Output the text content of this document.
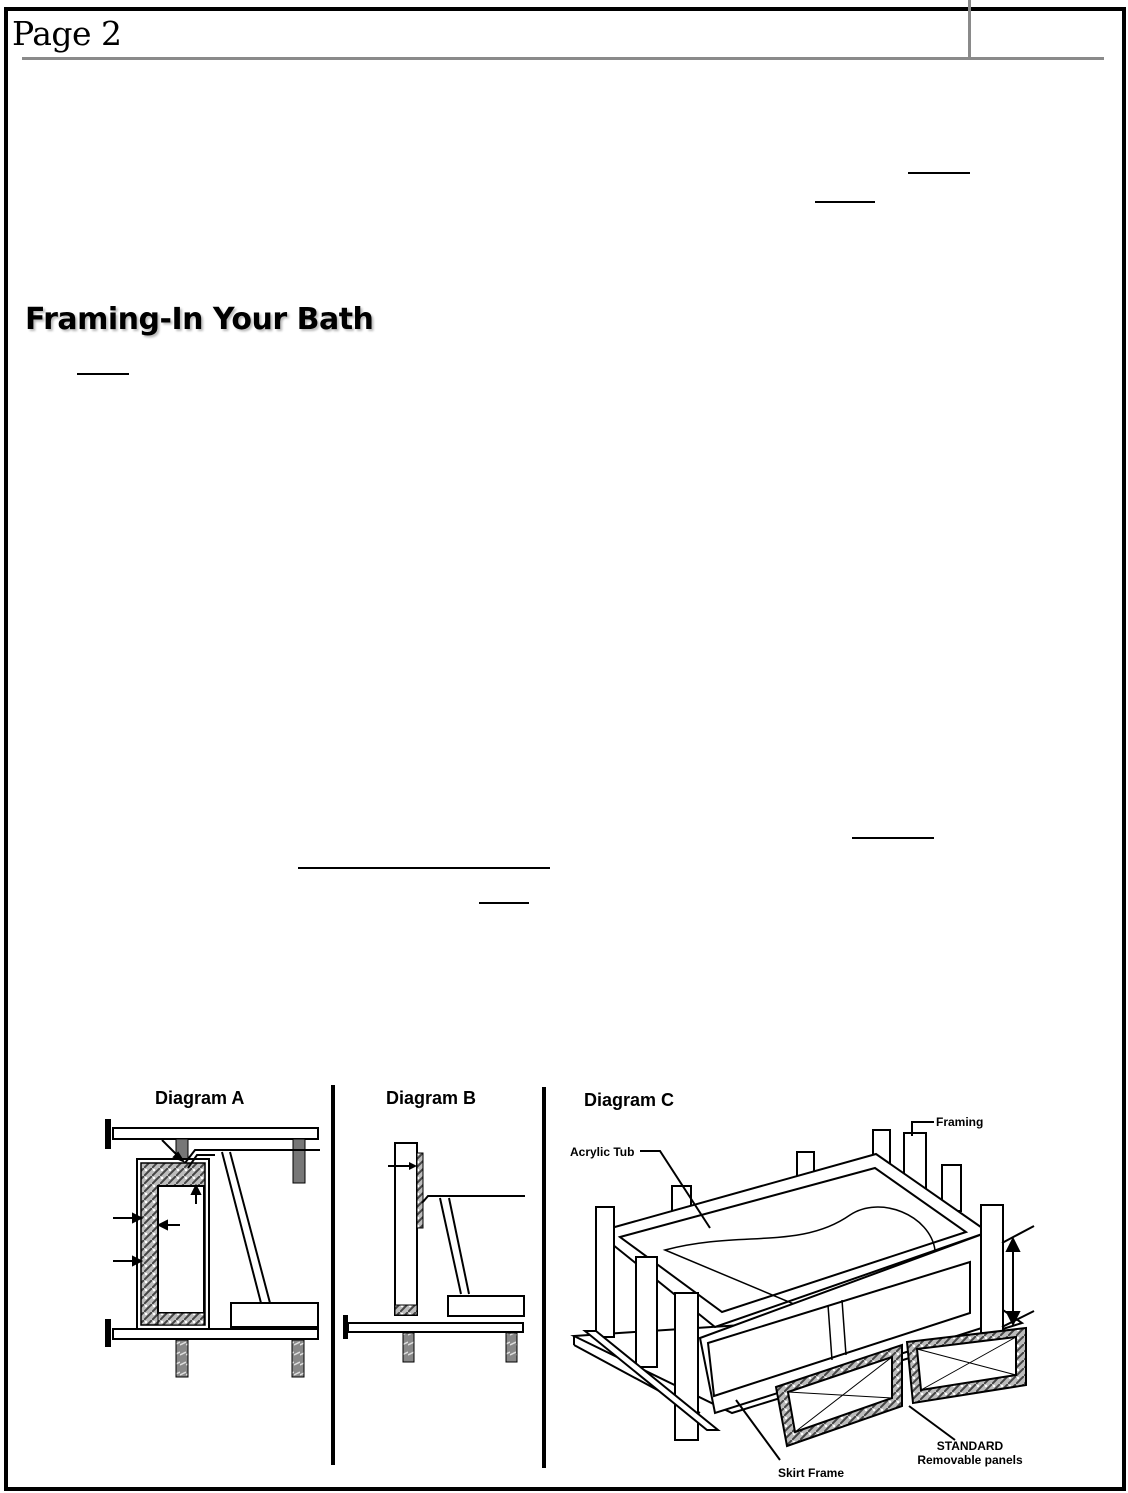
Page 2
Framing-In Your Bath
Diagram A	Diagram B	Diagram C
Acrylic Tub
Framing
Skirt Frame
STANDARD
Removable panels
